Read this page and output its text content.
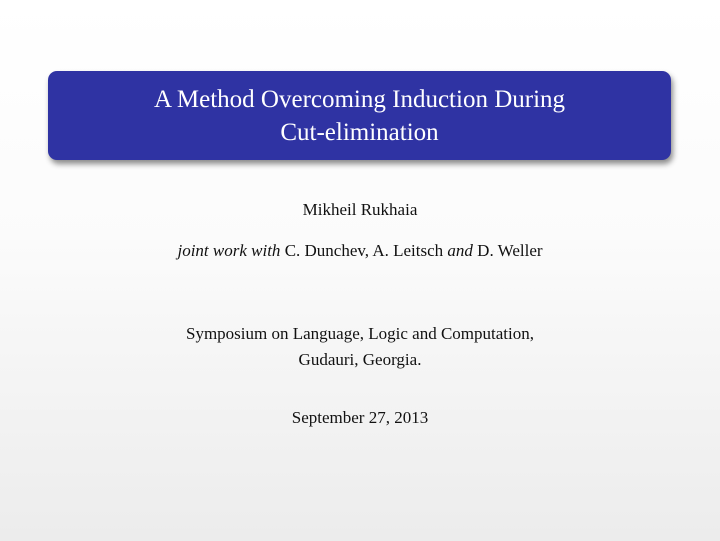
A Method Overcoming Induction During
Cut-elimination
Mikheil Rukhaia
joint work with C. Dunchev, A. Leitsch and D. Weller
Symposium on Language, Logic and Computation,
Gudauri, Georgia.
September 27, 2013
